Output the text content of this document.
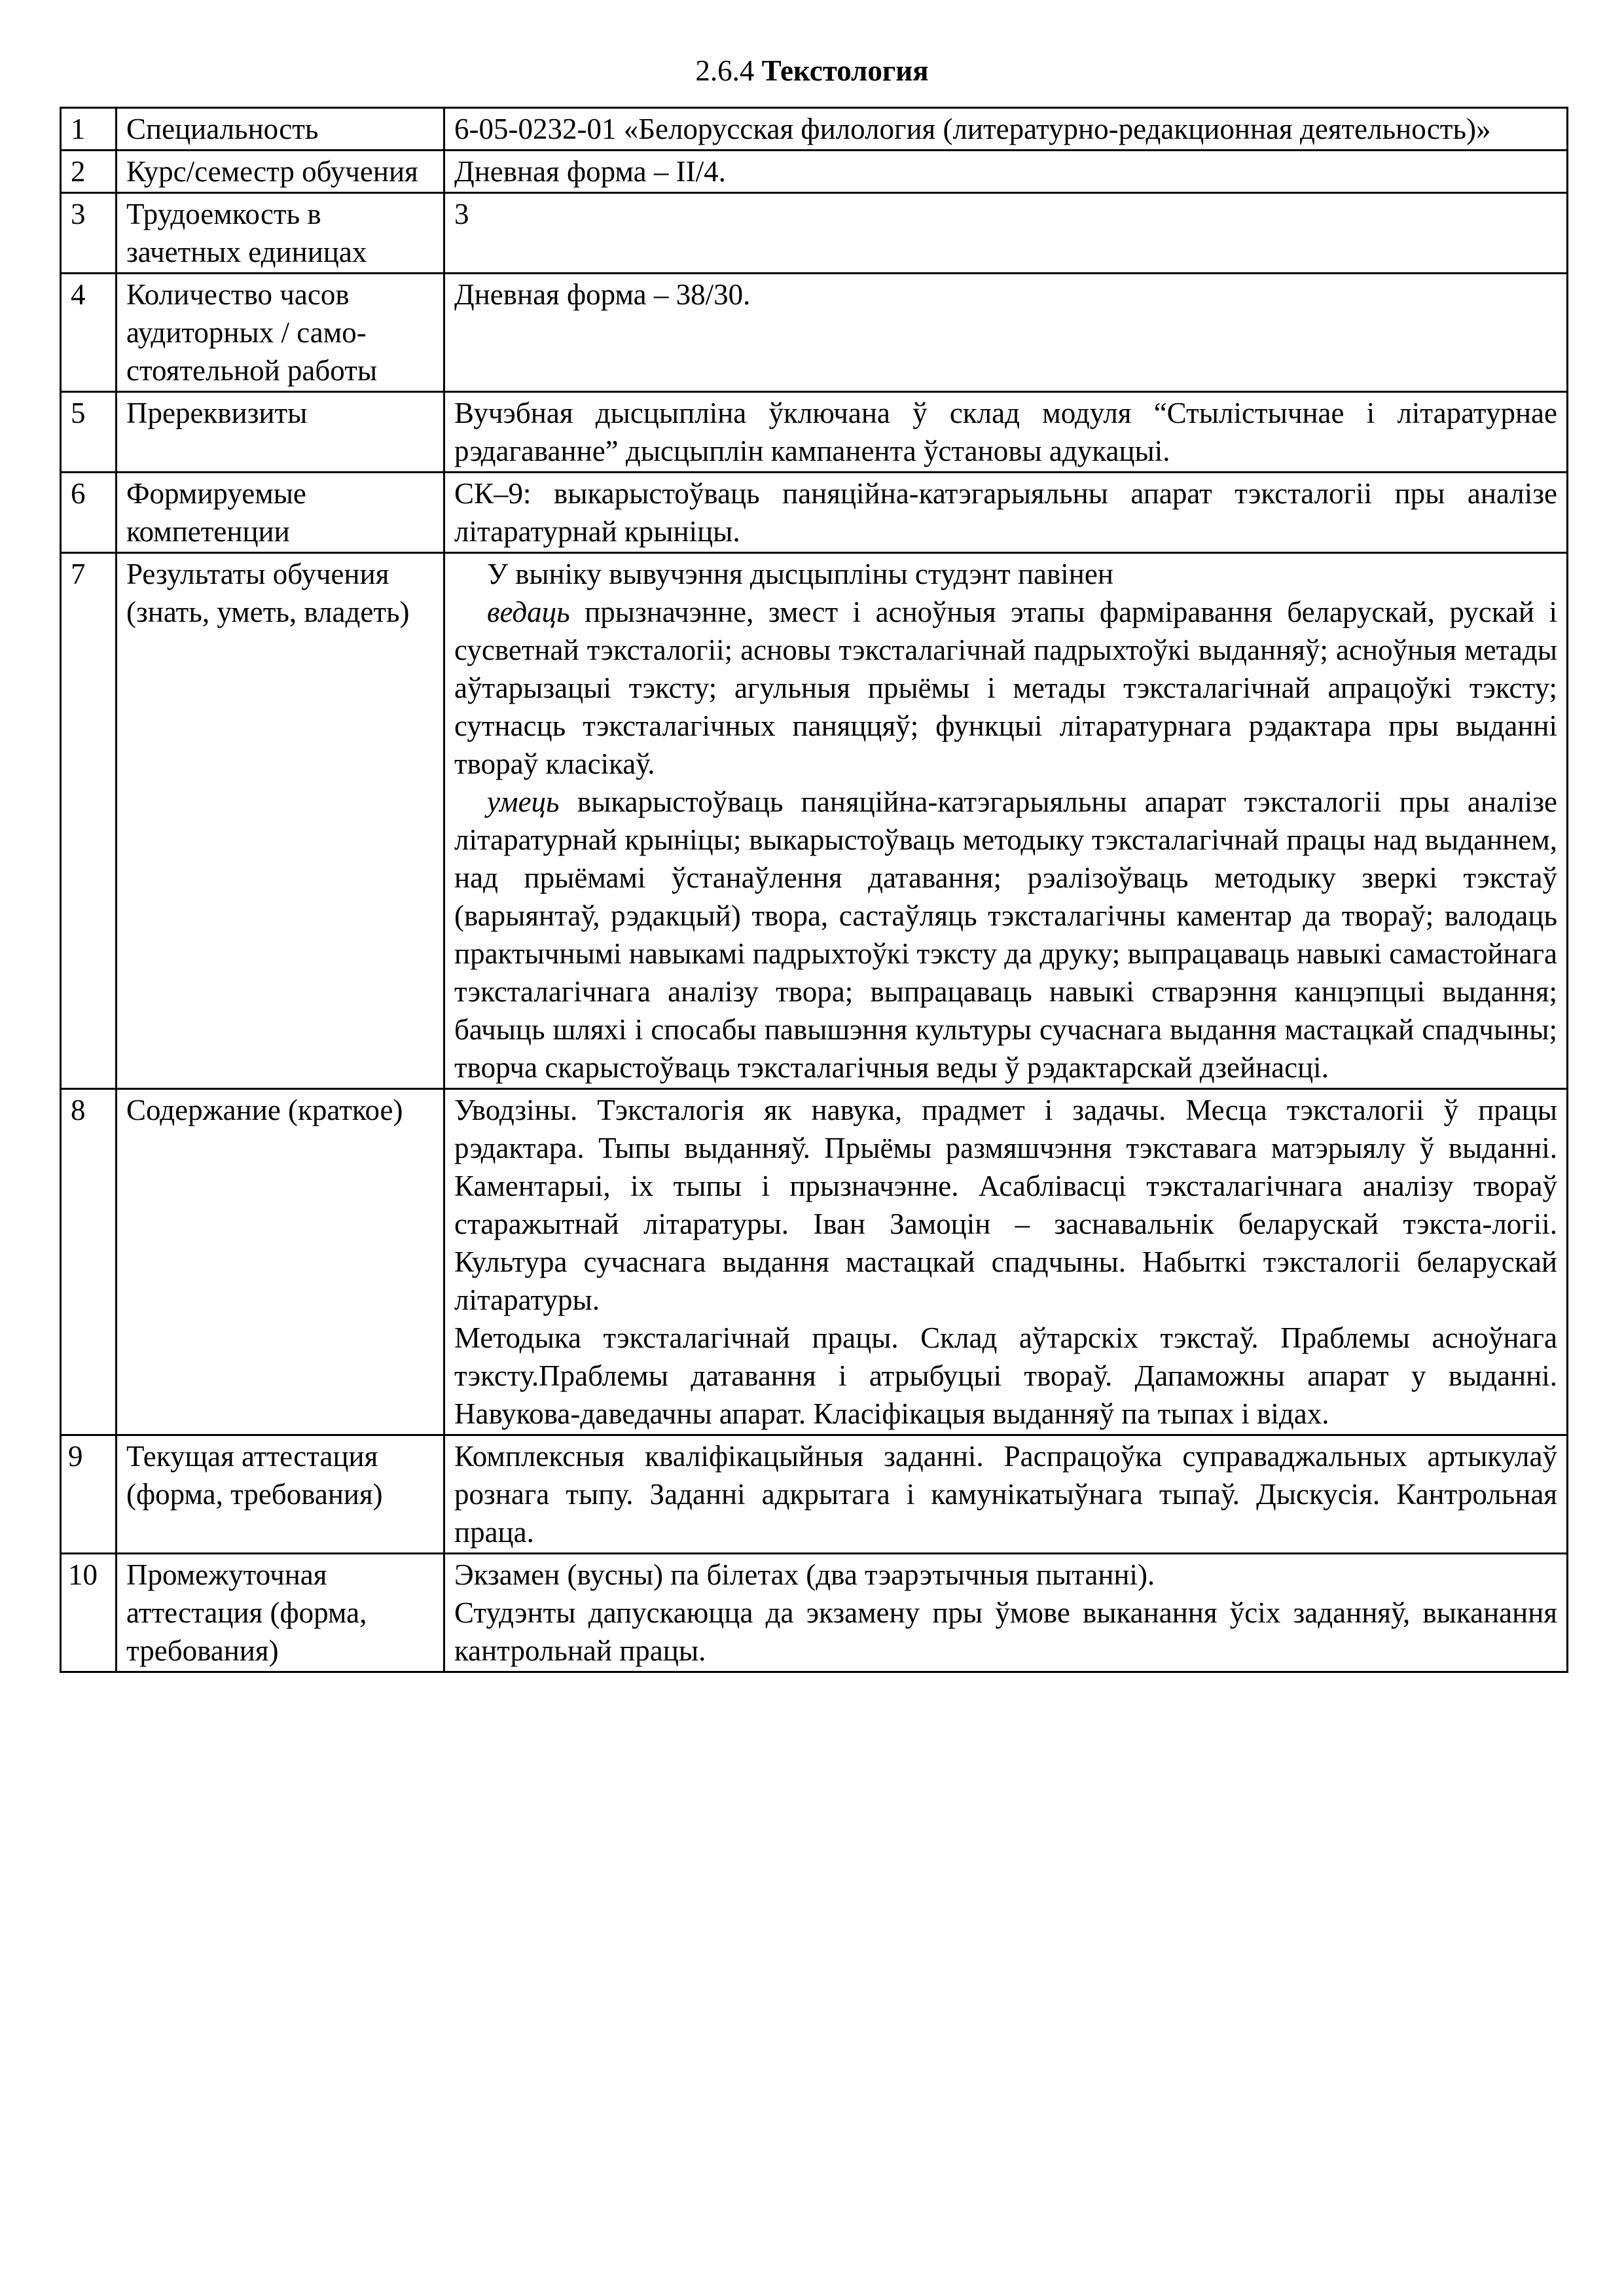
2.6.4 Текстология
1	Специальность	6-05-0232-01 «Белорусская филология (литературно-редакционная деятельность)»
2	Курс/семестр обучения	Дневная форма – II/4.
3	Трудоемкость в зачетных единицах	3
4	Количество часов аудиторных / само-стоятельной работы	Дневная форма – 38/30.
5	Пререквизиты	Вучэбная дысцыпліна ўключана ў склад модуля “Стылістычнае і літаратурнае рэдагаванне” дысцыплін кампанента ўстановы адукацыі.
6	Формируемые компетенции	СК–9: выкарыстоўваць паняційна-катэгарыяльны апарат тэксталогіі пры аналізе літаратурнай крыніцы.
7	Результаты обучения (знать, уметь, владеть)	У выніку вывучэння дысцыпліны студэнт павінен

ведаць прызначэнне, змест і асноўныя этапы фарміравання беларускай, рускай і сусветнай тэксталогіі; асновы тэксталагічнай падрыхтоўкі выданняў; асноўныя метады аўтарызацыі тэксту; агульныя прыёмы і метады тэксталагічнай апрацоўкі тэксту; сутнасць тэксталагічных паняццяў; функцыі літаратурнага рэдактара пры выданні твораў класікаў.

умець выкарыстоўваць паняційна-катэгарыяльны апарат тэксталогіі пры аналізе літаратурнай крыніцы; выкарыстоўваць методыку тэксталагічнай працы над выданнем, над прыёмамі ўстанаўлення датавання; рэалізоўваць методыку зверкі тэкстаў (варыянтаў, рэдакцый) твора, састаўляць тэксталагічны каментар да твораў; валодаць практычнымі навыкамі падрыхтоўкі тэксту да друку; выпрацаваць навыкі самастойнага тэксталагічнага аналізу твора; выпрацаваць навыкі стварэння канцэпцыі выдання; бачыць шляхі і спосабы павышэння культуры сучаснага выдання мастацкай спадчыны; творча скарыстоўваць тэксталагічныя веды ў рэдактарскай дзейнасці.

8	Содержание (краткое)	Уводзіны. Тэксталогія як навука, прадмет і задачы. Месца тэксталогіі ў працы рэдактара. Тыпы выданняў. Прыёмы размяшчэння тэкставага матэрыялу ў выданні. Каментарыі, іх тыпы і прызначэнне. Асаблівасці тэксталагічнага аналізу твораў старажытнай літаратуры. Іван Замоцін – заснавальнік беларускай тэкста-логіі. Культура сучаснага выдання мастацкай спадчыны. Набыткі тэксталогіі беларускай літаратуры.

Методыка тэксталагічнай працы. Склад аўтарскіх тэкстаў. Праблемы асноўнага тэксту.Праблемы датавання і атрыбуцыі твораў. Дапаможны апарат у выданні. Навукова-даведачны апарат. Класіфікацыя выданняў па тыпах і відах.

9	Текущая аттестация (форма, требования)	Комплексныя кваліфікацыйныя заданні. Распрацоўка суправаджальных артыкулаў рознага тыпу. Заданні адкрытага і камунікатыўнага тыпаў. Дыскусія. Кантрольная праца.
10	Промежуточная аттестация (форма, требования)	Экзамен (вусны) па білетах (два тэарэтычныя пытанні).

Студэнты дапускаюцца да экзамену пры ўмове выканання ўсіх заданняў, выканання кантрольнай працы.
